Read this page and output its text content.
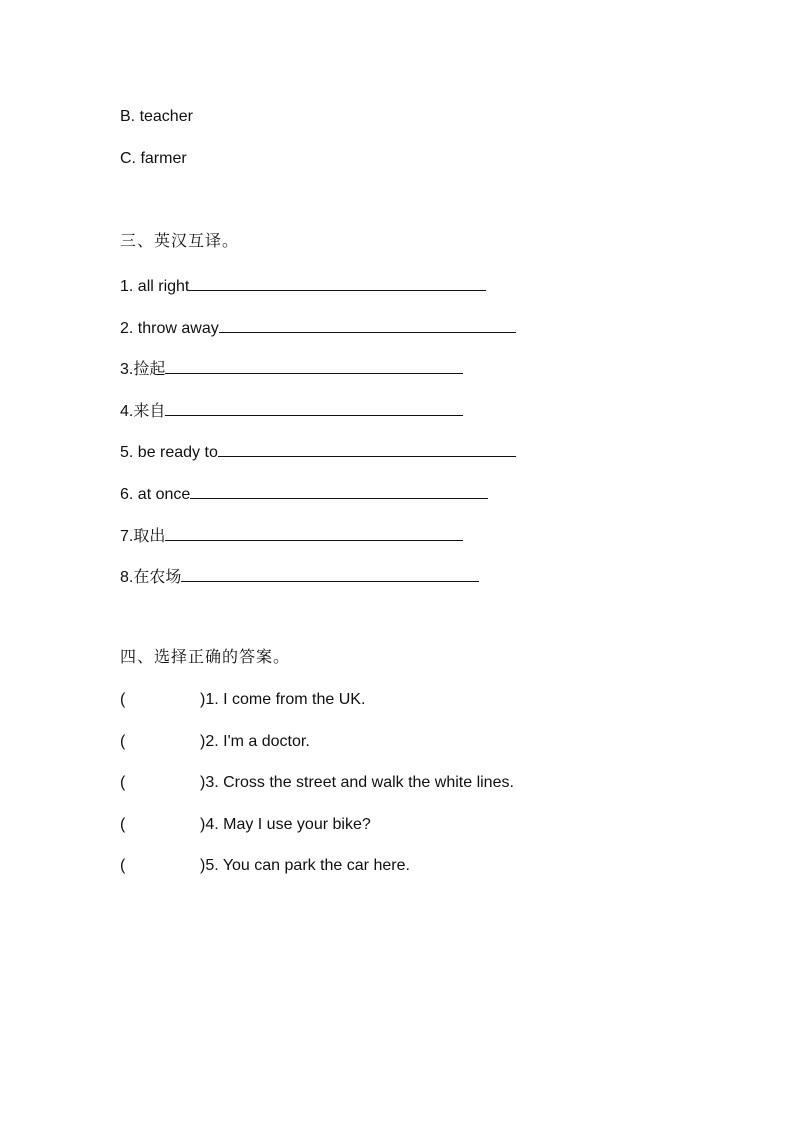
B. teacher
C. farmer
三、英汉互译。
1. all right
2. throw away
3.捡起
4.来自
5. be ready to
6. at once
7.取出
8.在农场
四、选择正确的答案。
(	)1. I come from the UK.
(	)2. I'm a doctor.
(	)3. Cross the street and walk the white lines.
(	)4. May I use your bike?
(	)5. You can park the car here.
